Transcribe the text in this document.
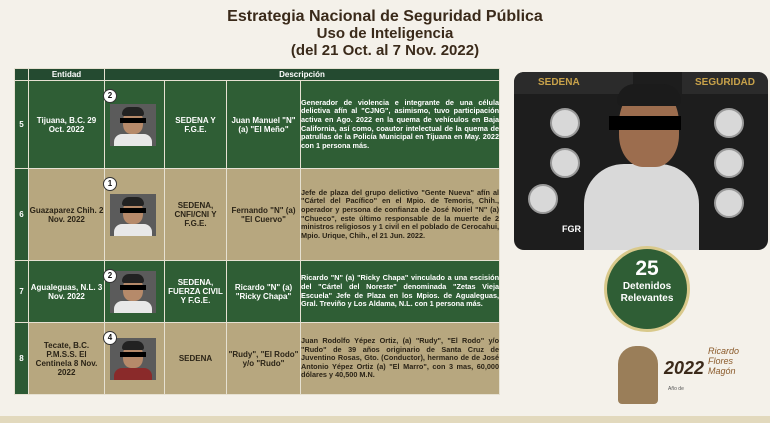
Estrategia Nacional de Seguridad Pública
Uso de Inteligencia
(del 21 Oct. al 7 Nov. 2022)
	Entidad	Descripción			
5	Tijuana, B.C. 29 Oct. 2022	2	SEDENA Y F.G.E.	Juan Manuel "N" (a) "El Meño"	Generador de violencia e integrante de una célula delictiva afín al "CJNG", asimismo, tuvo participación activa en Ago. 2022 en la quema de vehículos en Baja California, así como, coautor intelectual de la quema de patrullas de la Policía Municipal en Tijuana en May. 2022 con 1 persona más.
6	Guazaparez Chih. 2 Nov. 2022	1	SEDENA, CNFI/CNI Y F.G.E.	Fernando "N" (a) "El Cuervo"	Jefe de plaza del grupo delictivo "Gente Nueva" afín al "Cártel del Pacífico" en el Mpio. de Temoris, Chih., operador y persona de confianza de José Noriel "N" (a) "Chueco", este último responsable de la muerte de 2 ministros religiosos y 1 civil en el poblado de Cerocahui, Mpio. Urique, Chih., el 21 Jun. 2022.
7	Agualeguas, N.L. 3 Nov. 2022	2	SEDENA, FUERZA CIVIL Y F.G.E.	Ricardo "N" (a) "Ricky Chapa"	Ricardo "N" (a) "Ricky Chapa" vinculado a una escisión del "Cártel del Noreste" denominada "Zetas Vieja Escuela" Jefe de Plaza en los Mpios. de Agualeguas, Gral. Treviño y Los Aldama, N.L. con 1 persona más.
8	Tecate, B.C. P.M.S.S. El Centinela 8 Nov. 2022	4	SEDENA	"Rudy", "El Rodo" y/o "Rudo"	Juan Rodolfo Yépez Ortiz, (a) "Rudy", "El Rodo" y/o "Rudo" de 39 años originario de Santa Cruz de Juventino Rosas, Gto. (Conductor), hermano de de José Antonio Yépez Ortiz (a) "El Marro", con 3 mas, 60,000 dólares y 40,500 M.N.
SEDENA	SEGURIDAD
FGR
25
Detenidos Relevantes
2022
Ricardo Flores Magón
Año de
